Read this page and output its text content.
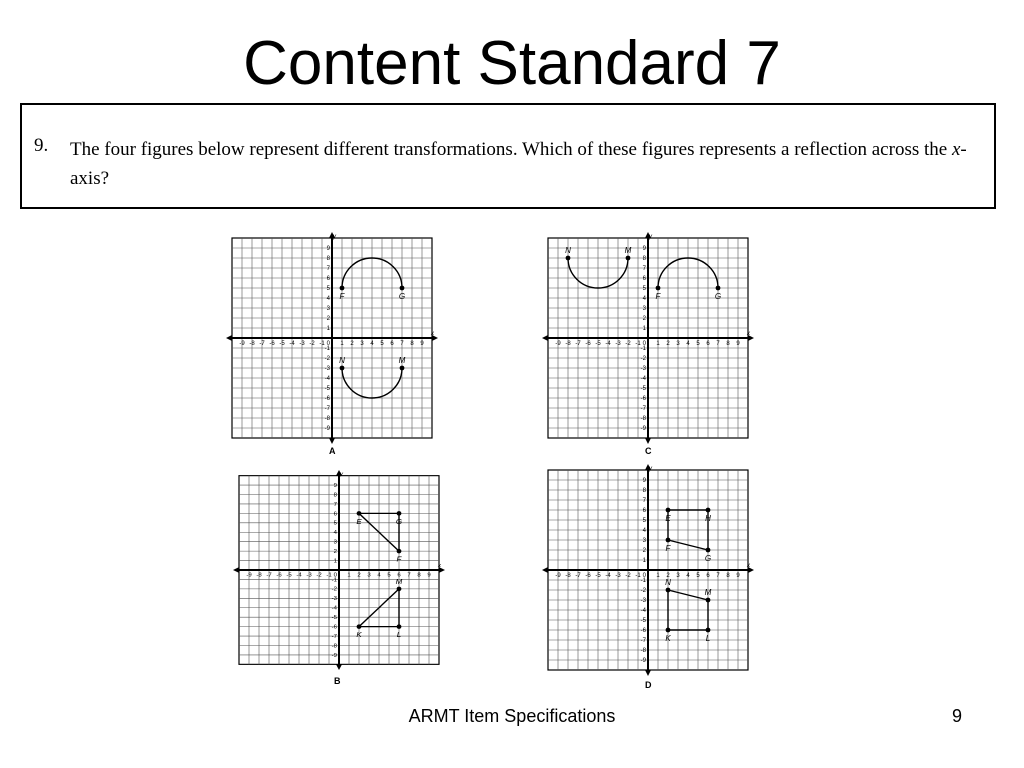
Content Standard 7
9. The four figures below represent different transformations. Which of these figures represents a reflection across the x-axis?
x
y
1
1
2
2
3
3
4
4
5
5
6
6
7
7
8
8
9
9
-1
-1
-2
-2
-3
-3
-4
-4
-5
-5
-6
-6
-7
-7
-8
-8
-9
-9
0
F	G
N	M
A
x
y
1
1
2
2
3
3
4
4
5
5
6
6
7
7
8
8
9
9
-1
-1
-2
-2
-3
-3
-4
-4
-5
-5
-6
-6
-7
-7
-8
-8
-9
-9
0
N	M
F	G
C
x
y
1
1
2
2
3
3
4
4
5
5
6
6
7
7
8
8
9
9
-1
-1
-2
-2
-3
-3
-4
-4
-5
-5
-6
-6
-7
-7
-8
-8
-9
-9
0
E	G
F
M
K	L
B
x
y
1
1
2
2
3
3
4
4
5
5
6
6
7
7
8
8
9
9
-1
-1
-2
-2
-3
-3
-4
-4
-5
-5
-6
-6
-7
-7
-8
-8
-9
-9
0
E	H
F
G
N
M
K	L
D
ARMT Item Specifications	9
